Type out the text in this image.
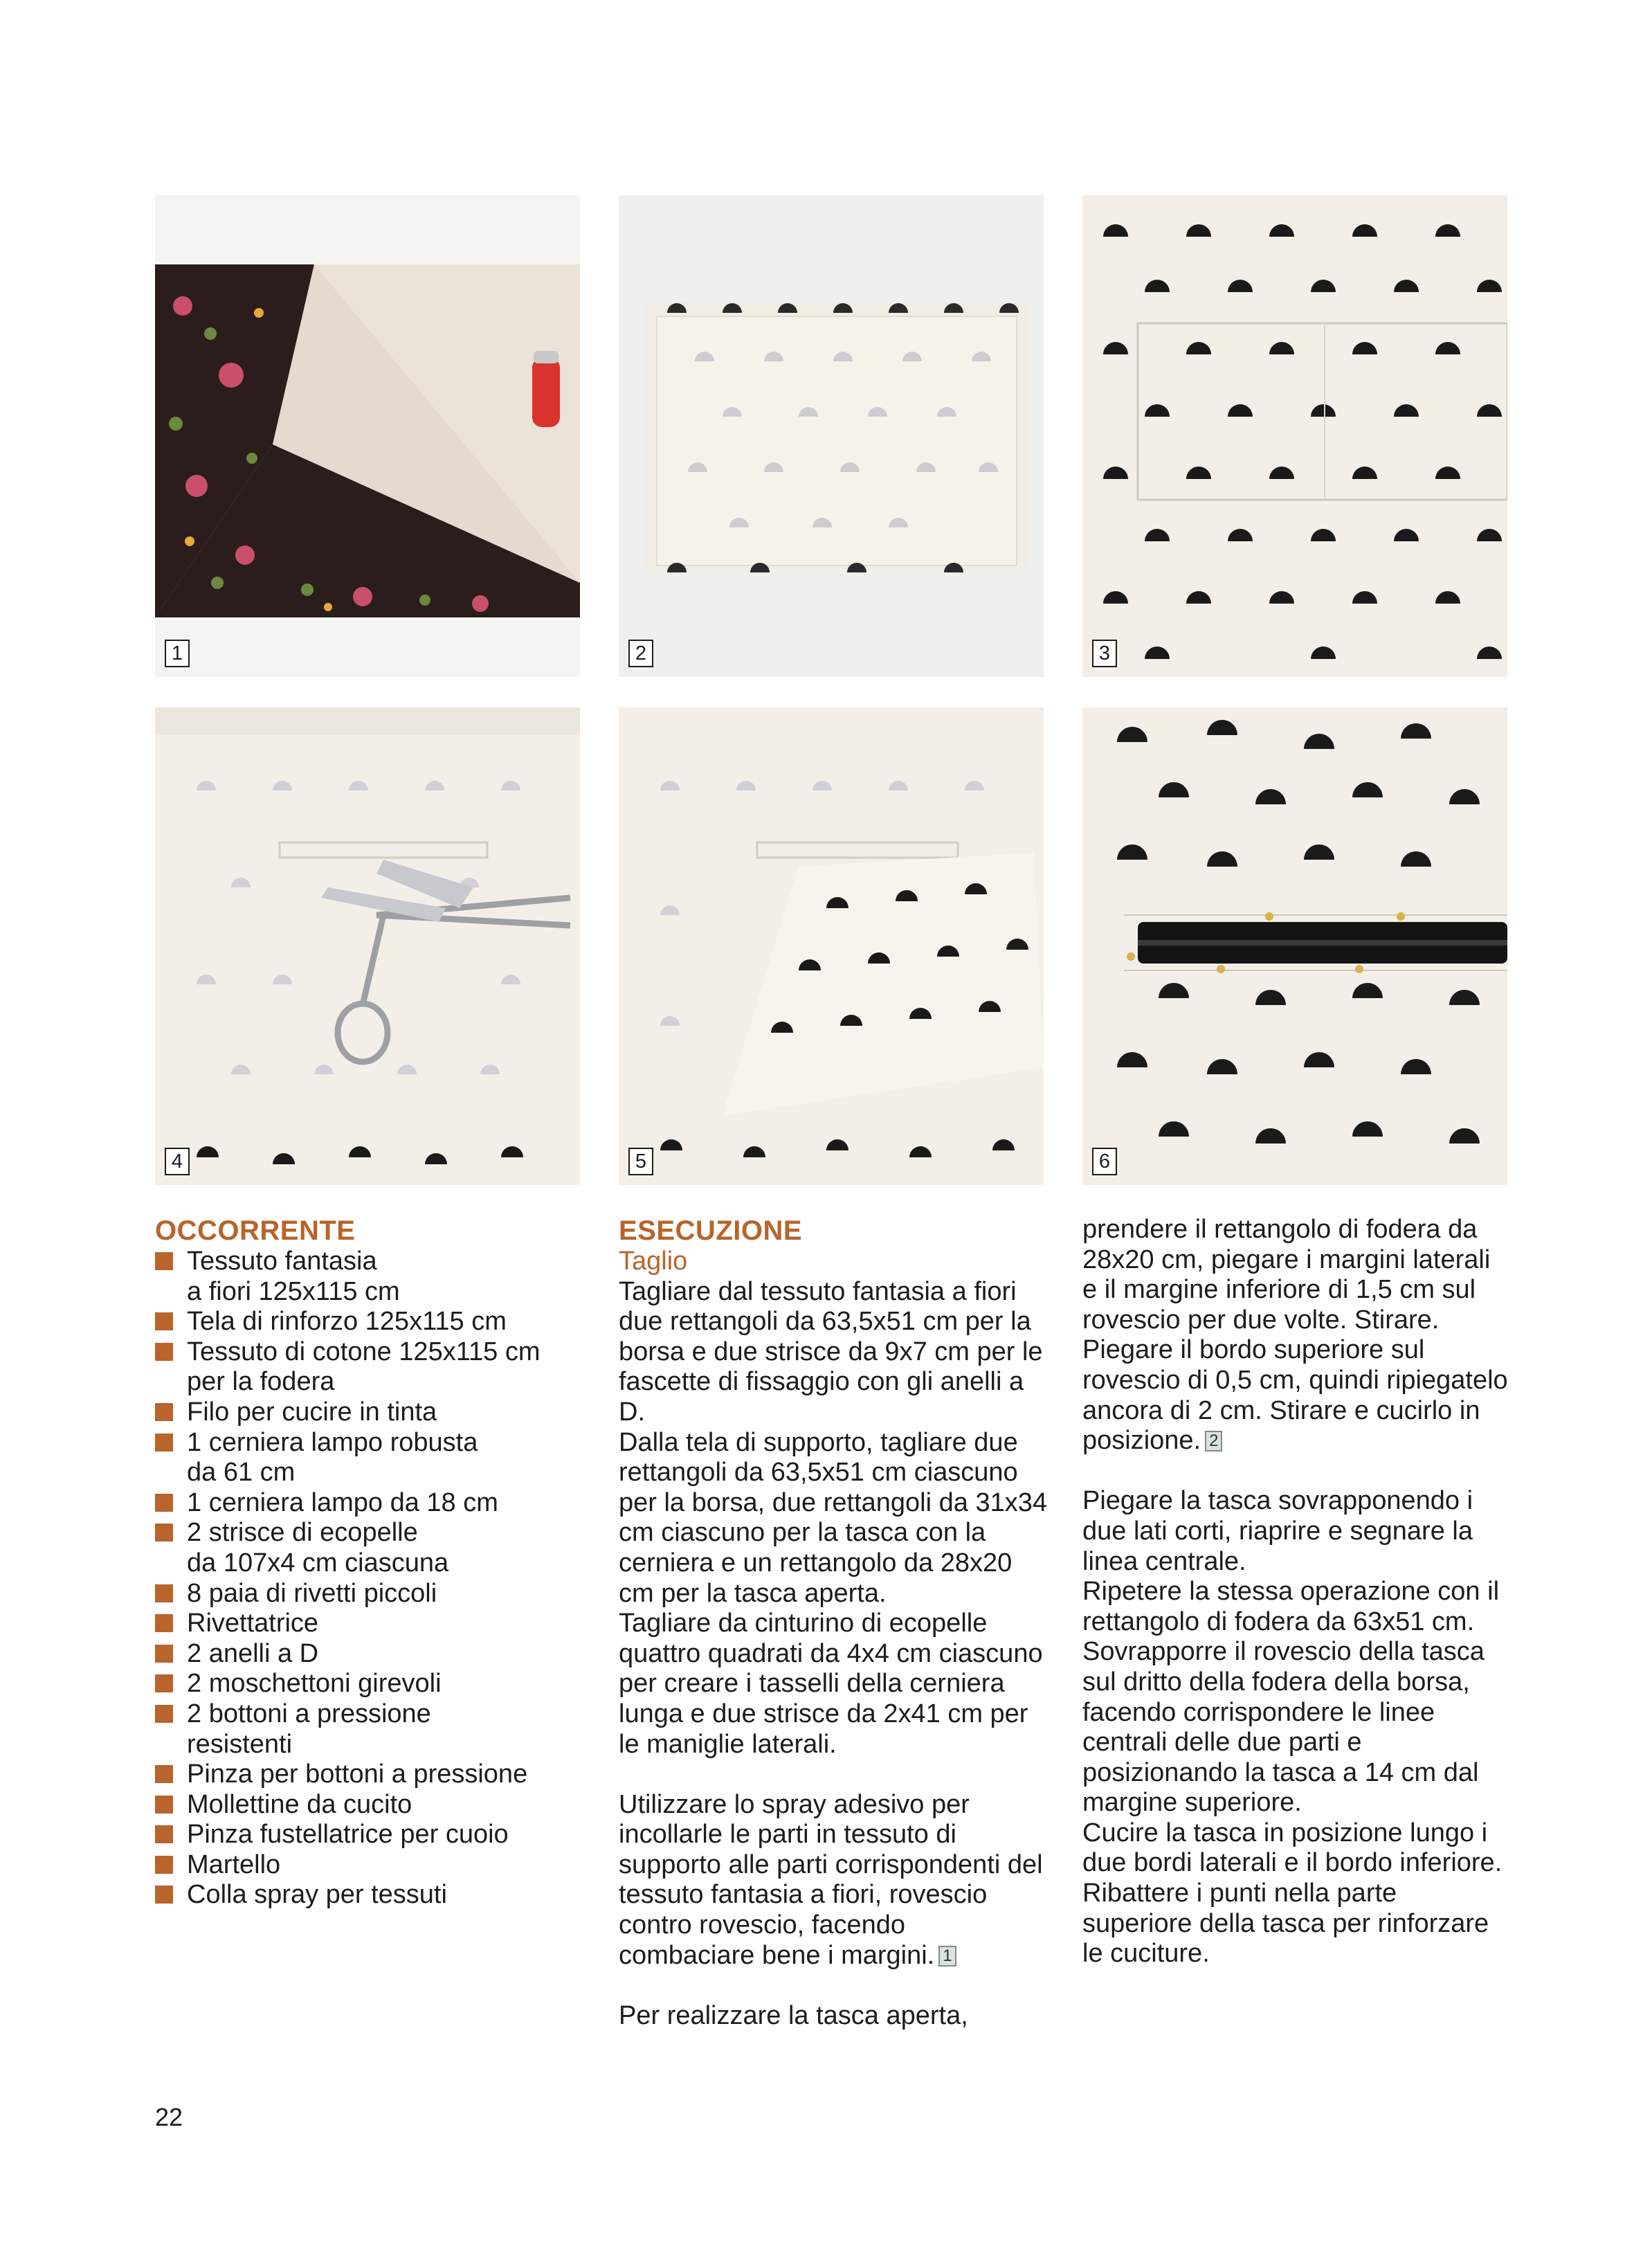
1	2	3
4	5	6

OCCORRENTE

Tessuto fantasia
a fiori 125x115 cm
Tela di rinforzo 125x115 cm
Tessuto di cotone 125x115 cm
per la fodera
Filo per cucire in tinta
1 cerniera lampo robusta
da 61 cm
1 cerniera lampo da 18 cm
2 strisce di ecopelle
da 107x4 cm ciascuna
8 paia di rivetti piccoli
Rivettatrice
2 anelli a D
2 moschettoni girevoli
2 bottoni a pressione
resistenti
Pinza per bottoni a pressione
Mollettine da cucito
Pinza fustellatrice per cuoio
Martello
Colla spray per tessuti

ESECUZIONE

Taglio

Tagliare dal tessuto fantasia a fiori due rettangoli da 63,5x51 cm per la borsa e due strisce da 9x7 cm per le fascette di fissaggio con gli anelli a D.

Dalla tela di supporto, tagliare due rettangoli da 63,5x51 cm ciascuno per la borsa, due rettangoli da 31x34 cm ciascuno per la tasca con la cerniera e un rettangolo da 28x20 cm per la tasca aperta.

Tagliare da cinturino di ecopelle quattro quadrati da 4x4 cm ciascuno per creare i tasselli della cerniera lunga e due strisce da 2x41 cm per le maniglie laterali.

Utilizzare lo spray adesivo per incollarle le parti in tessuto di supporto alle parti corrispondenti del tessuto fantasia a fiori, rovescio contro rovescio, facendo combaciare bene i margini. 1

Per realizzare la tasca aperta,

prendere il rettangolo di fodera da 28x20 cm, piegare i margini laterali e il margine inferiore di 1,5 cm sul rovescio per due volte. Stirare.

Piegare il bordo superiore sul rovescio di 0,5 cm, quindi ripiegatelo ancora di 2 cm. Stirare e cucirlo in posizione. 2

Piegare la tasca sovrapponendo i due lati corti, riaprire e segnare la linea centrale.

Ripetere la stessa operazione con il rettangolo di fodera da 63x51 cm.

Sovrapporre il rovescio della tasca sul dritto della fodera della borsa, facendo corrispondere le linee centrali delle due parti e posizionando la tasca a 14 cm dal margine superiore.

Cucire la tasca in posizione lungo i due bordi laterali e il bordo inferiore.

Ribattere i punti nella parte superiore della tasca per rinforzare le cuciture.

22
